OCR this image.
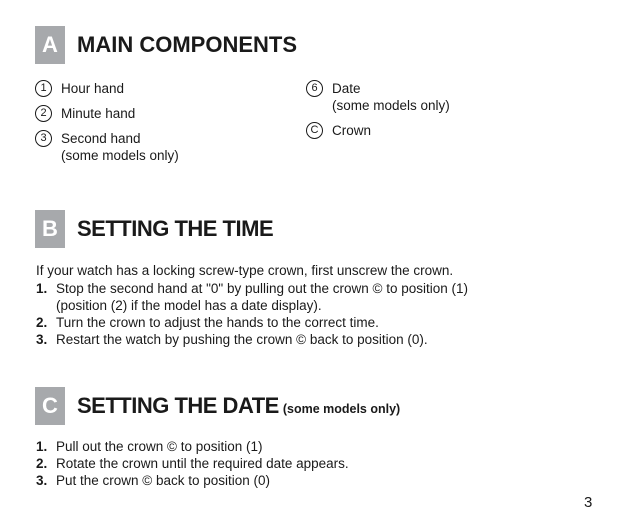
A MAIN COMPONENTS
1	Hour hand
2	Minute hand
3	Second hand
(some models only)
6	Date
(some models only)
C	Crown
B SETTING THE TIME
If your watch has a locking screw-type crown, first unscrew the crown.
1. Stop the second hand at "0" by pulling out the crown © to position (1)
(position (2) if the model has a date display).
2. Turn the crown to adjust the hands to the correct time.
3. Restart the watch by pushing the crown © back to position (0).
C SETTING THE DATE (some models only)
1. Pull out the crown © to position (1)
2. Rotate the crown until the required date appears.
3. Put the crown © back to position (0)
3
